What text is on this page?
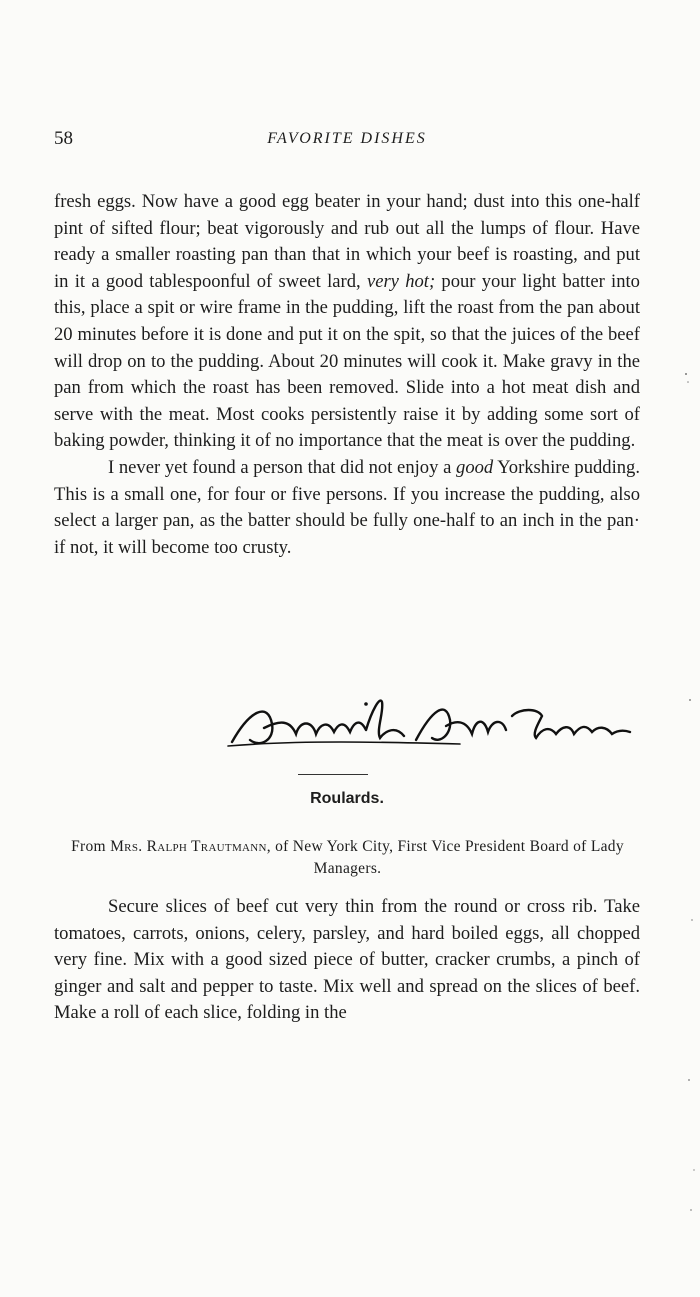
58	FAVORITE DISHES

fresh eggs. Now have a good egg beater in your hand; dust into this one-half pint of sifted flour; beat vigorously and rub out all the lumps of flour. Have ready a smaller roasting pan than that in which your beef is roasting, and put in it a good tablespoonful of sweet lard, very hot; pour your light batter into this, place a spit or wire frame in the pudding, lift the roast from the pan about 20 minutes before it is done and put it on the spit, so that the juices of the beef will drop on to the pudding. About 20 minutes will cook it. Make gravy in the pan from which the roast has been removed. Slide into a hot meat dish and serve with the meat. Most cooks persistently raise it by adding some sort of baking powder, thinking it of no importance that the meat is over the pudding.

I never yet found a person that did not enjoy a good Yorkshire pudding. This is a small one, for four or five persons. If you increase the pudding, also select a larger pan, as the batter should be fully one-half to an inch in the pan· if not, it will become too crusty.

Roulards.
From Mrs. Ralph Trautmann, of New York City, First Vice President Board of Lady Managers.

Secure slices of beef cut very thin from the round or cross rib. Take tomatoes, carrots, onions, celery, parsley, and hard boiled eggs, all chopped very fine. Mix with a good sized piece of butter, cracker crumbs, a pinch of ginger and salt and pepper to taste. Mix well and spread on the slices of beef. Make a roll of each slice, folding in the
